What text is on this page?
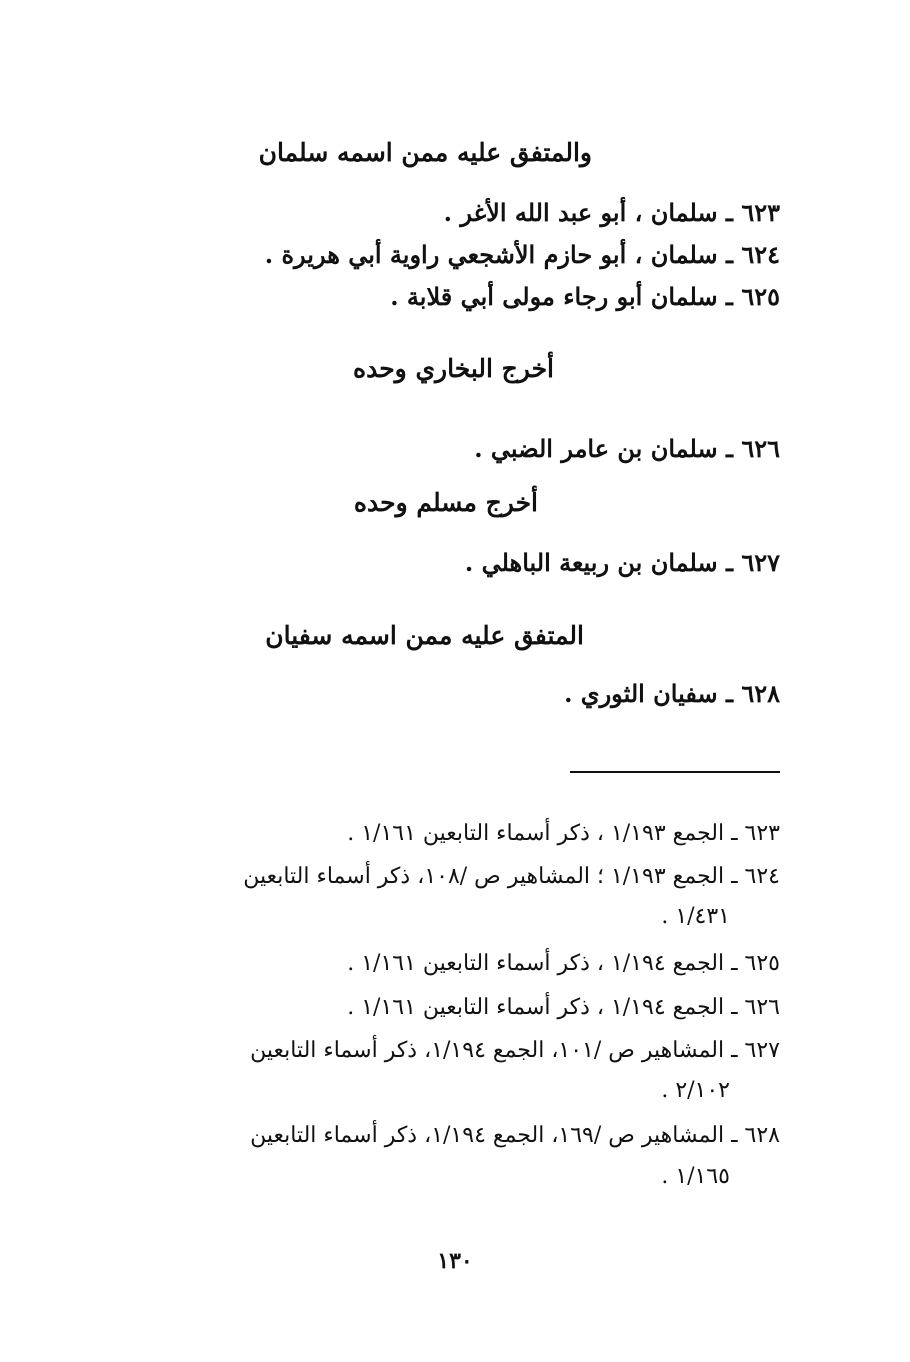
والمتفق عليه ممن اسمه سلمان
٦٢٣ ـ سلمان ، أبو عبد الله الأغر .
٦٢٤ ـ سلمان ، أبو حازم الأشجعي راوية أبي هريرة .
٦٢٥ ـ سلمان أبو رجاء مولى أبي قلابة .
أخرج البخاري وحده
٦٢٦ ـ سلمان بن عامر الضبي .
أخرج مسلم وحده
٦٢٧ ـ سلمان بن ربيعة الباهلي .
المتفق عليه ممن اسمه سفيان
٦٢٨ ـ سفيان الثوري .
٦٢٣ ـ الجمع ١/١٩٣ ، ذكر أسماء التابعين ١/١٦١ .
٦٢٤ ـ الجمع ١/١٩٣ ؛ المشاهير ص /١٠٨، ذكر أسماء التابعين
١/٤٣١ .
٦٢٥ ـ الجمع ١/١٩٤ ، ذكر أسماء التابعين ١/١٦١ .
٦٢٦ ـ الجمع ١/١٩٤ ، ذكر أسماء التابعين ١/١٦١ .
٦٢٧ ـ المشاهير ص /١٠١، الجمع ١/١٩٤، ذكر أسماء التابعين
٢/١٠٢ .
٦٢٨ ـ المشاهير ص /١٦٩، الجمع ١/١٩٤، ذكر أسماء التابعين
١/١٦٥ .
١٣٠
